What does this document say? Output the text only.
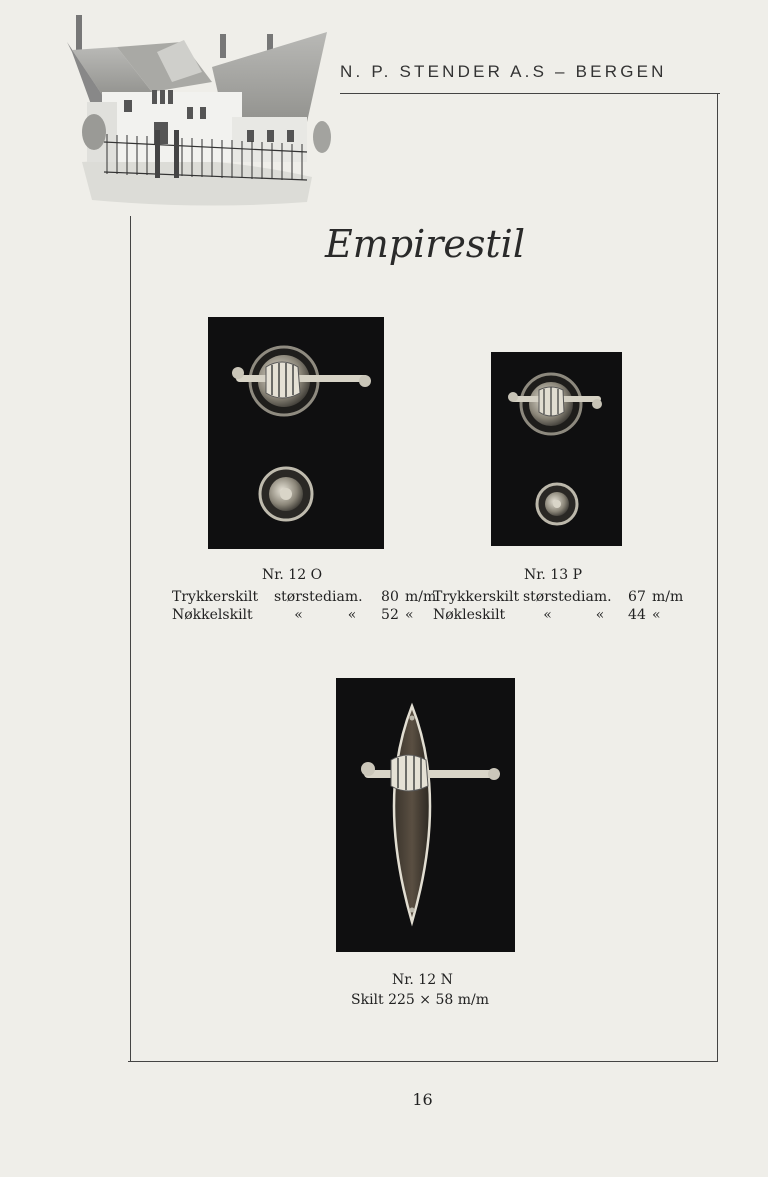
N. P. STENDER A.S – BERGEN
Empirestil
Nr. 12 O
Trykkerskilt	største	diam.	80	m/m
Nøkkelskilt	«	«	52	«
Nr. 13 P
Trykkerskilt	største	diam.	67	m/m
Nøkleskilt	«	«	44	«
Nr. 12 N
Skilt 225 × 58 m/m
16
